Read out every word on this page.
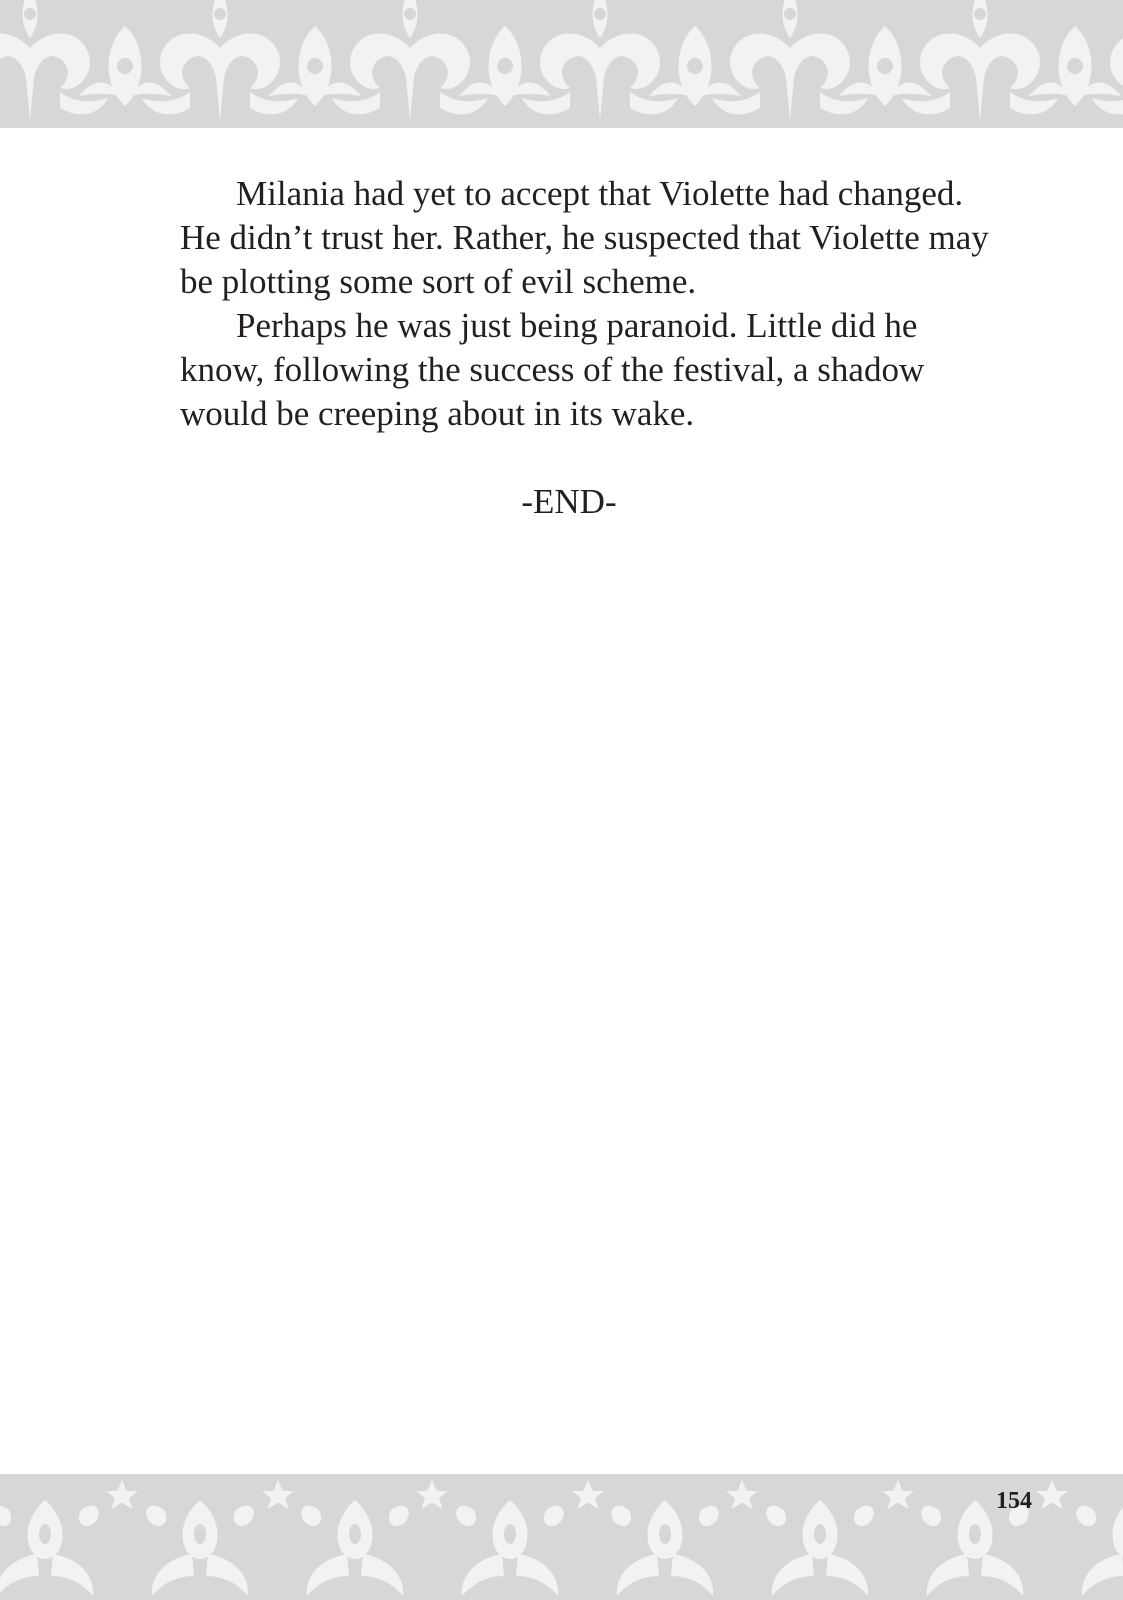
Milania had yet to accept that Violette had changed. He didn’t trust her. Rather, he suspected that Violette may be plotting some sort of evil scheme.

Perhaps he was just being paranoid. Little did he know, following the success of the festival, a shadow would be creeping about in its wake.

-END-

154
